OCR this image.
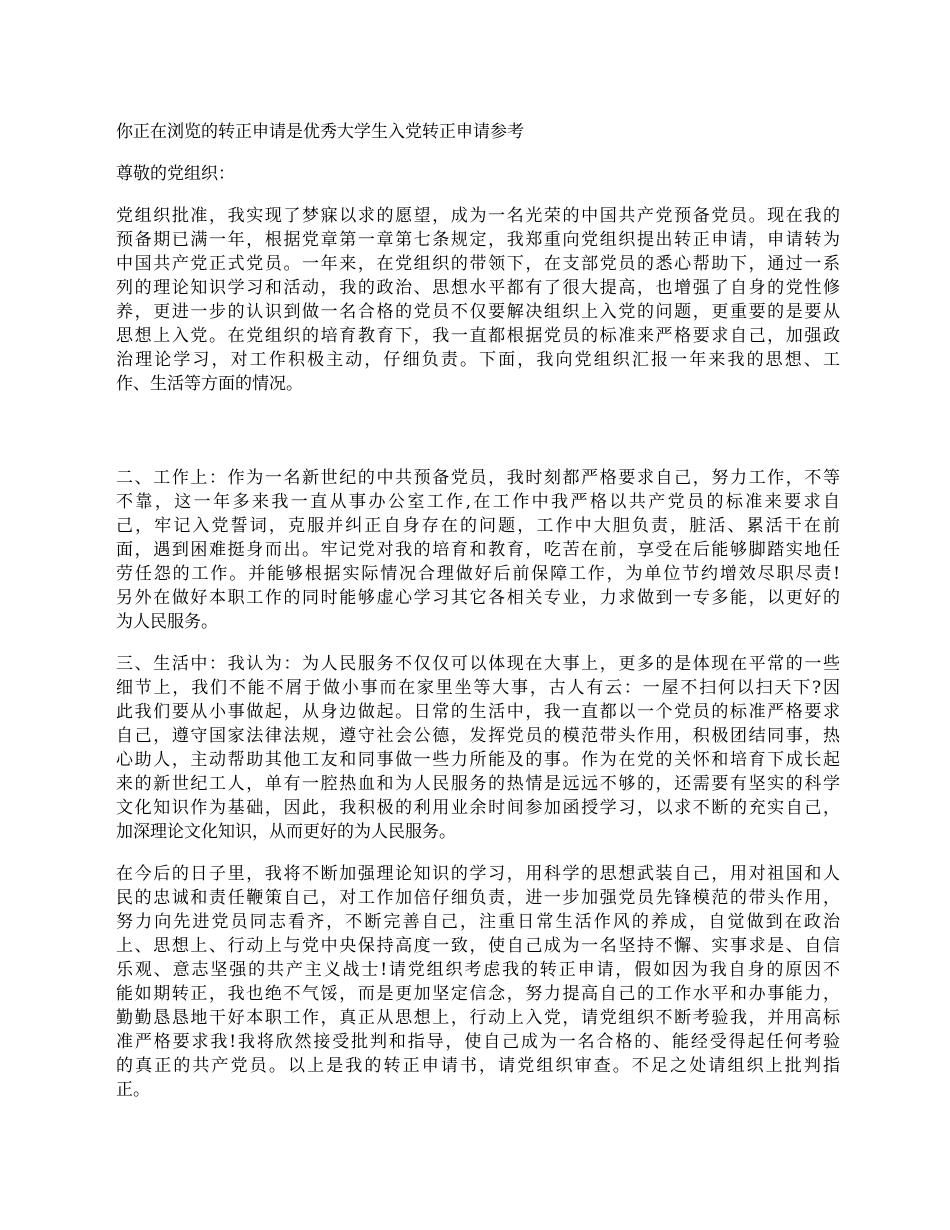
你正在浏览的转正申请是优秀大学生入党转正申请参考

尊敬的党组织：

党组织批准，我实现了梦寐以求的愿望，成为一名光荣的中国共产党预备党员。现在我的
预备期已满一年，根据党章第一章第七条规定，我郑重向党组织提出转正申请，申请转为
中国共产党正式党员。一年来，在党组织的带领下，在支部党员的悉心帮助下，通过一系
列的理论知识学习和活动，我的政治、思想水平都有了很大提高，也增强了自身的党性修
养，更进一步的认识到做一名合格的党员不仅要解决组织上入党的问题，更重要的是要从
思想上入党。在党组织的培育教育下，我一直都根据党员的标准来严格要求自己，加强政
治理论学习，对工作积极主动，仔细负责。下面，我向党组织汇报一年来我的思想、工
作、生活等方面的情况。
二、工作上：作为一名新世纪的中共预备党员，我时刻都严格要求自己，努力工作，不等
不靠，这一年多来我一直从事办公室工作,在工作中我严格以共产党员的标准来要求自
己，牢记入党誓词，克服并纠正自身存在的问题，工作中大胆负责，脏活、累活干在前
面，遇到困难挺身而出。牢记党对我的培育和教育，吃苦在前，享受在后能够脚踏实地任
劳任怨的工作。并能够根据实际情况合理做好后前保障工作，为单位节约增效尽职尽责!
另外在做好本职工作的同时能够虚心学习其它各相关专业，力求做到一专多能，以更好的
为人民服务。
三、生活中：我认为：为人民服务不仅仅可以体现在大事上，更多的是体现在平常的一些
细节上，我们不能不屑于做小事而在家里坐等大事，古人有云：一屋不扫何以扫天下?因
此我们要从小事做起，从身边做起。日常的生活中，我一直都以一个党员的标准严格要求
自己，遵守国家法律法规，遵守社会公德，发挥党员的模范带头作用，积极团结同事，热
心助人，主动帮助其他工友和同事做一些力所能及的事。作为在党的关怀和培育下成长起
来的新世纪工人，单有一腔热血和为人民服务的热情是远远不够的，还需要有坚实的科学
文化知识作为基础，因此，我积极的利用业余时间参加函授学习，以求不断的充实自己，
加深理论文化知识，从而更好的为人民服务。
在今后的日子里，我将不断加强理论知识的学习，用科学的思想武装自己，用对祖国和人
民的忠诚和责任鞭策自己，对工作加倍仔细负责，进一步加强党员先锋模范的带头作用，
努力向先进党员同志看齐，不断完善自己，注重日常生活作风的养成，自觉做到在政治
上、思想上、行动上与党中央保持高度一致，使自己成为一名坚持不懈、实事求是、自信
乐观、意志坚强的共产主义战士!请党组织考虑我的转正申请，假如因为我自身的原因不
能如期转正，我也绝不气馁，而是更加坚定信念，努力提高自己的工作水平和办事能力，
勤勤恳恳地干好本职工作，真正从思想上，行动上入党，请党组织不断考验我，并用高标
准严格要求我!我将欣然接受批判和指导，使自己成为一名合格的、能经受得起任何考验
的真正的共产党员。以上是我的转正申请书，请党组织审查。不足之处请组织上批判指
正。
